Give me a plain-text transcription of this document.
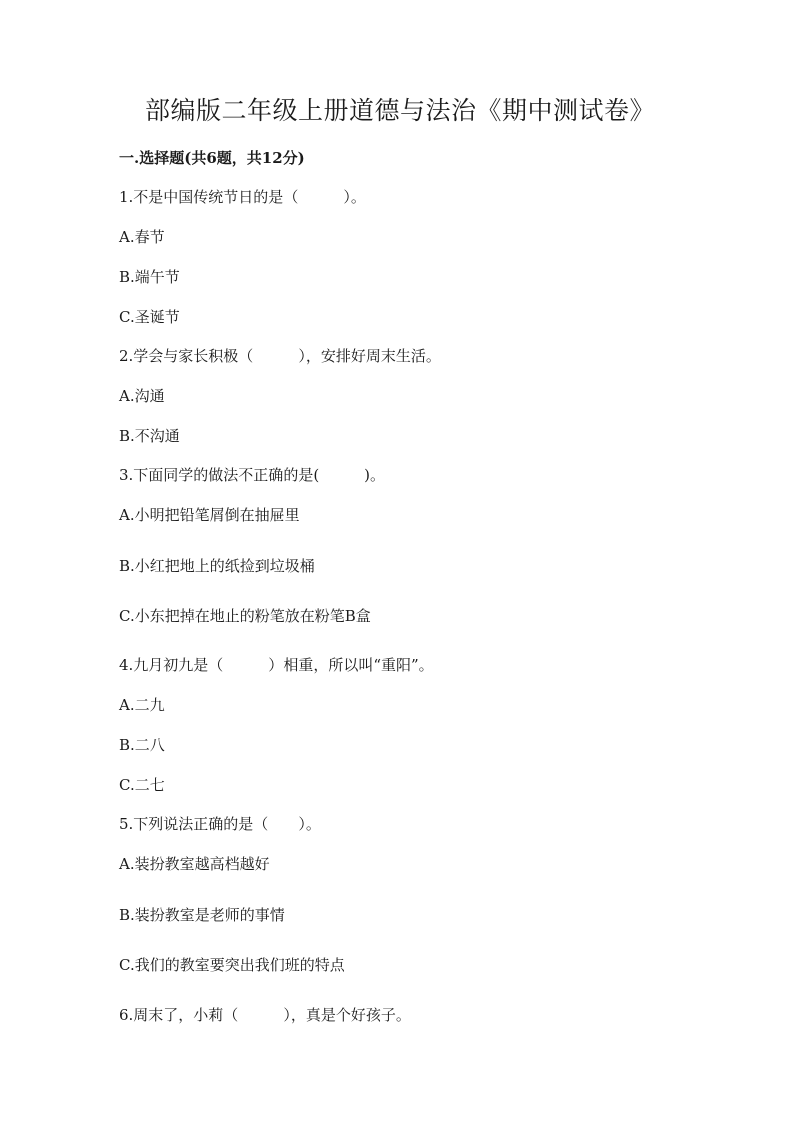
部编版二年级上册道德与法治《期中测试卷》

一.选择题(共6题，共12分)

1.不是中国传统节日的是（　　　）。

A.春节

B.端午节

C.圣诞节

2.学会与家长积极（　　　），安排好周末生活。

A.沟通

B.不沟通

3.下面同学的做法不正确的是(　　　)。

A.小明把铅笔屑倒在抽屉里

B.小红把地上的纸捡到垃圾桶

C.小东把掉在地止的粉笔放在粉笔B盒

4.九月初九是（　　　）相重，所以叫“重阳”。

A.二九

B.二八

C.二七

5.下列说法正确的是（　　）。

A.装扮教室越高档越好

B.装扮教室是老师的事情

C.我们的教室要突出我们班的特点

6.周末了，小莉（　　　），真是个好孩子。
